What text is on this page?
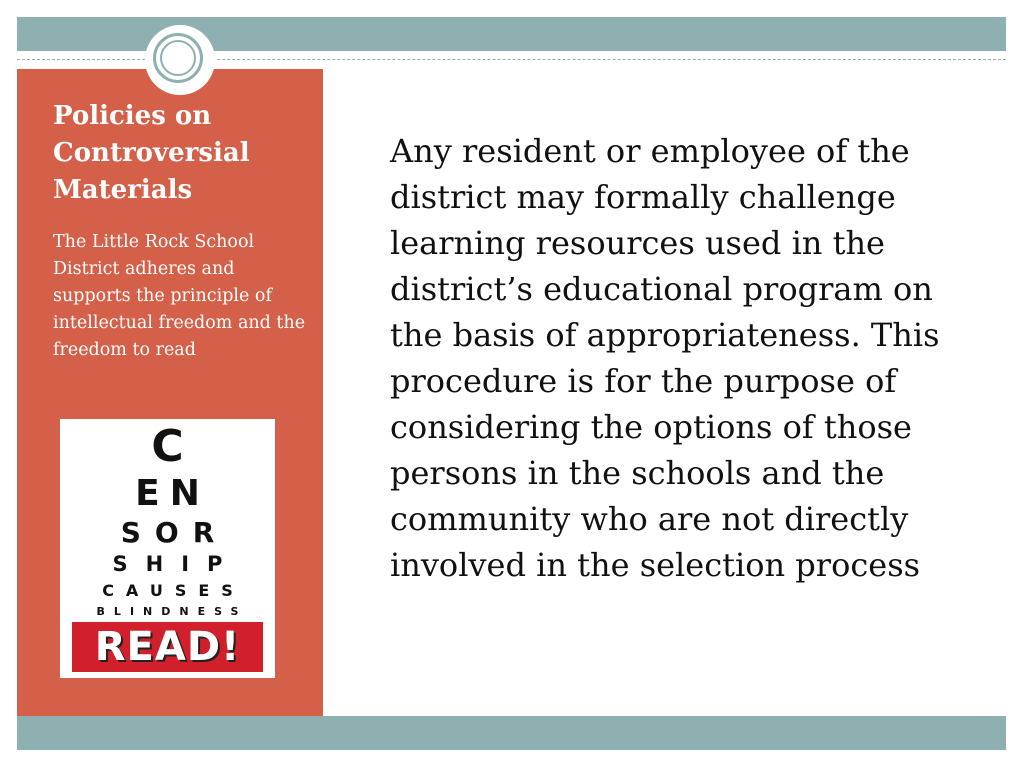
Policies on Controversial Materials

The Little Rock School District adheres and supports the principle of intellectual freedom and the freedom to read

C
EN
SOR
SHIP
CAUSES
BLINDNESS
READ!

Any resident or employee of the district may formally challenge learning resources used in the district’s educational program on the basis of appropriateness. This procedure is for the purpose of considering the options of those persons in the schools and the community who are not directly involved in the selection process
